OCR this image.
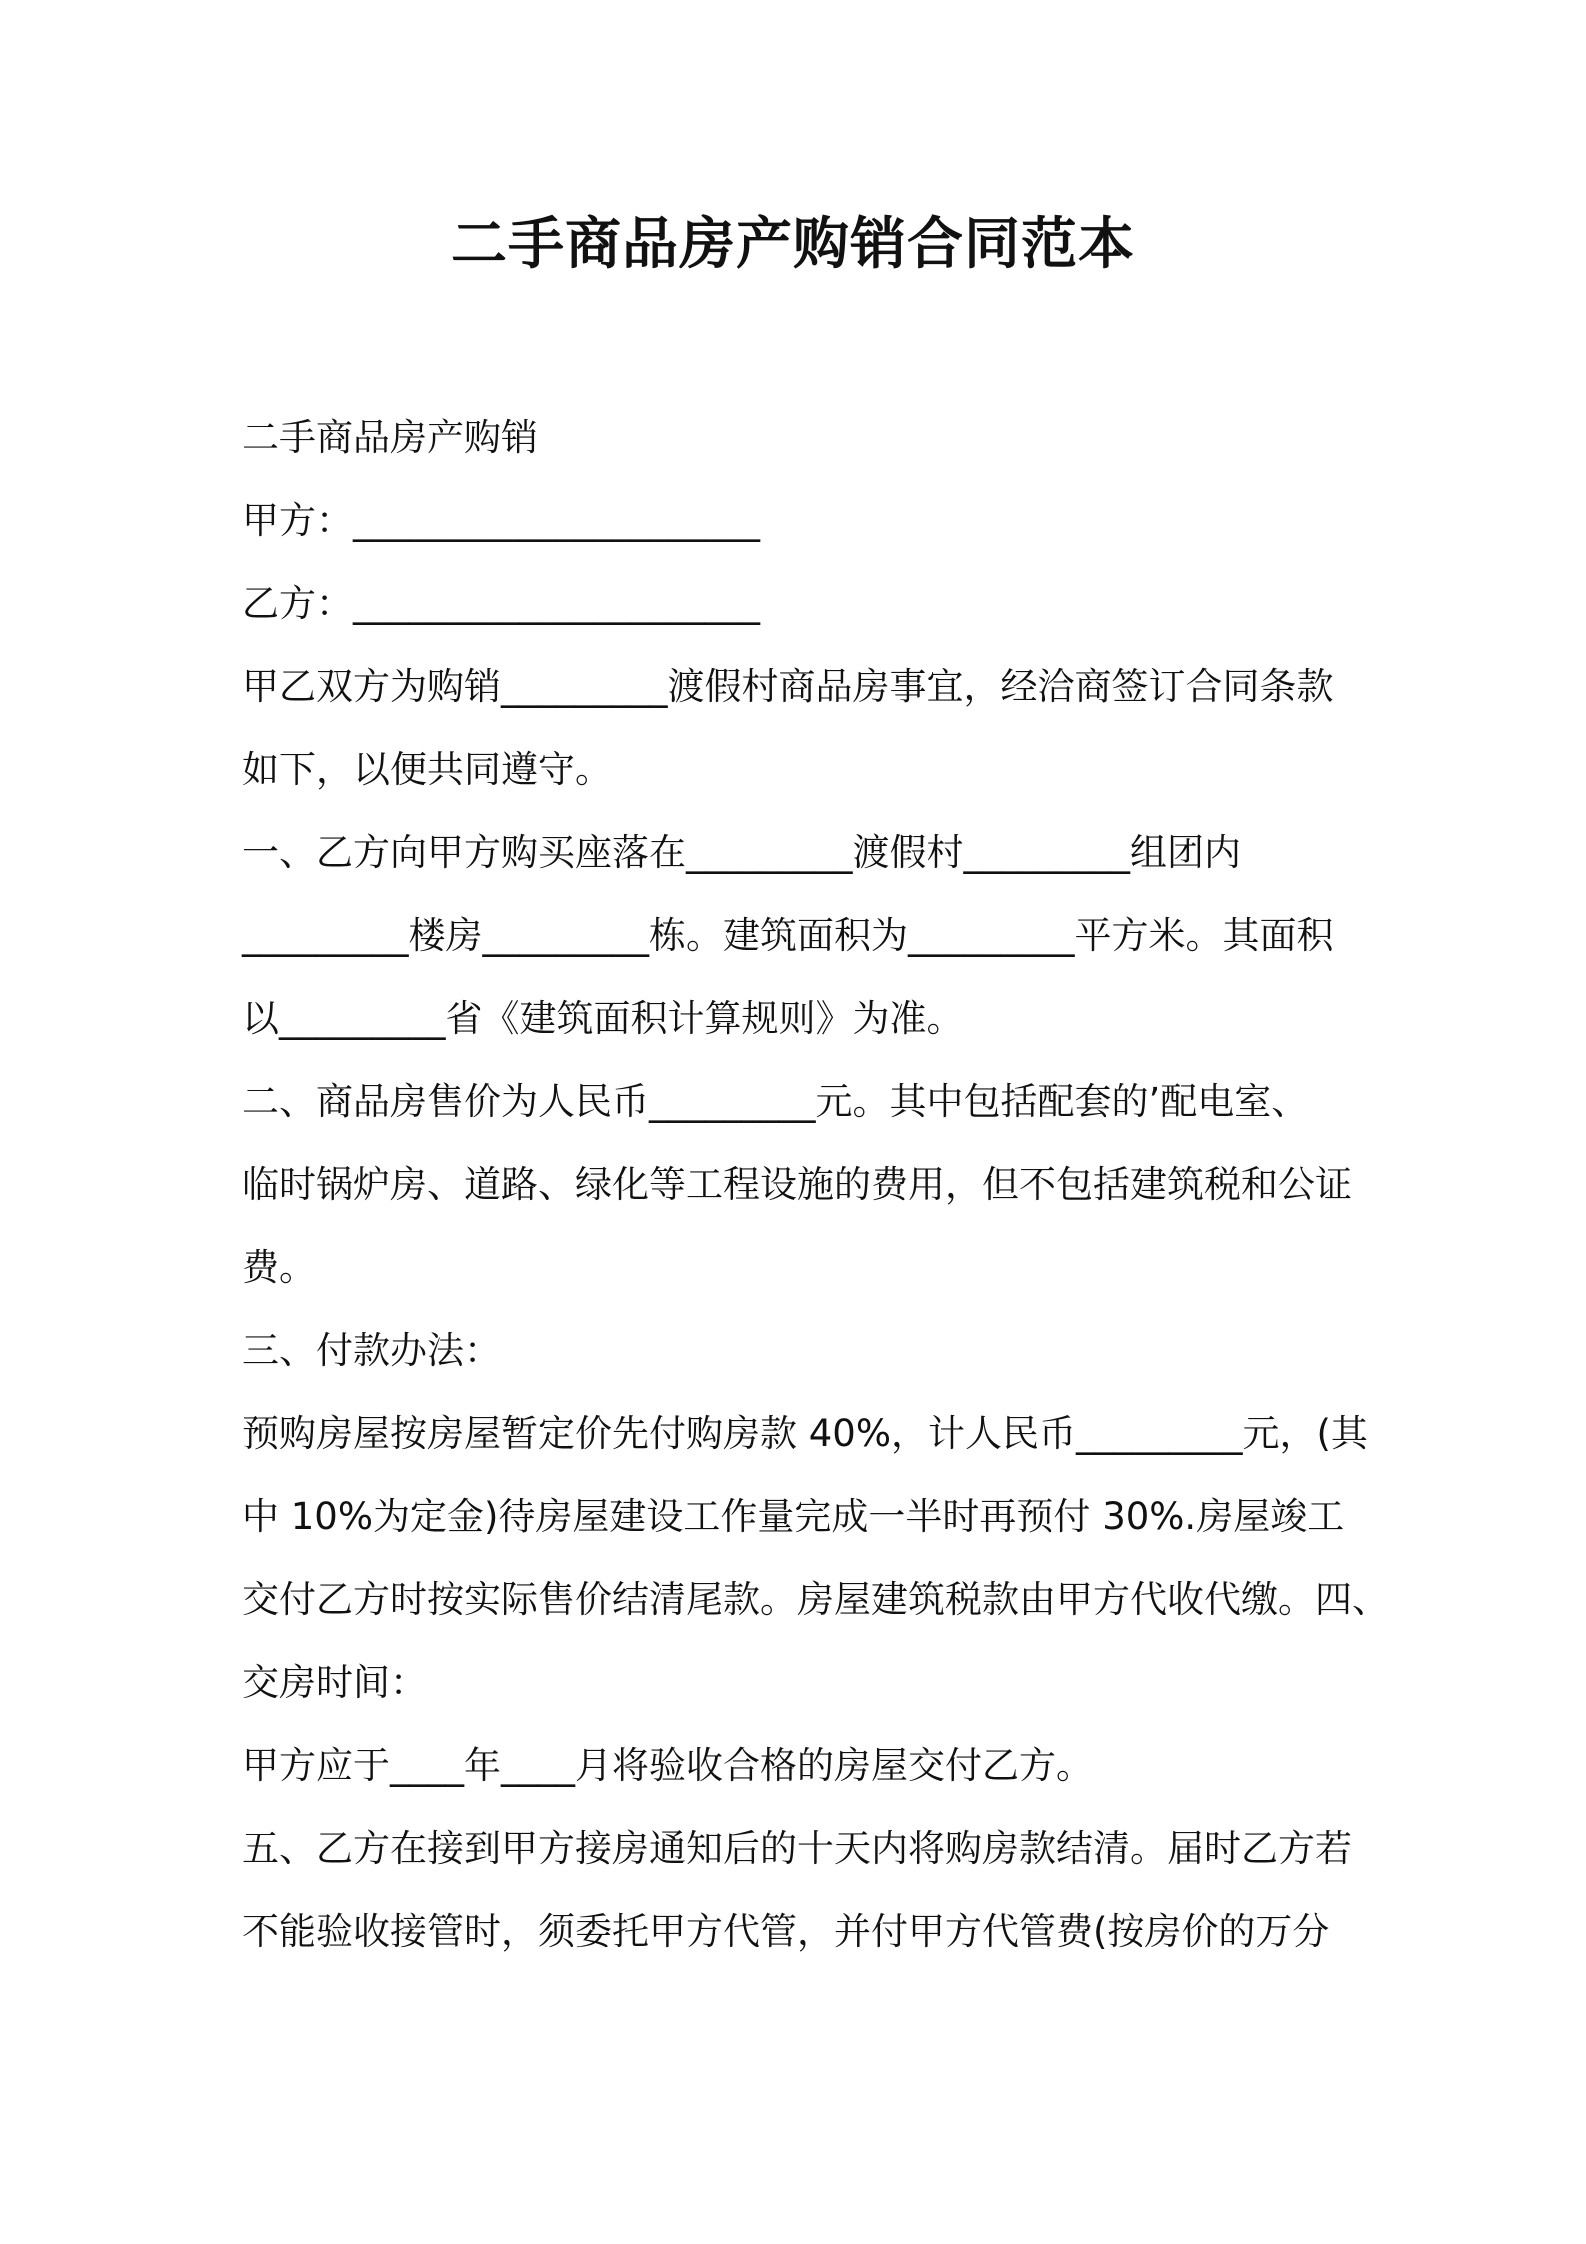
二手商品房产购销合同范本

二手商品房产购销

甲方：______________________

乙方：______________________

甲乙双方为购销_________渡假村商品房事宜，经洽商签订合同条款

如下，以便共同遵守。

一、乙方向甲方购买座落在_________渡假村_________组团内

_________楼房_________栋。建筑面积为_________平方米。其面积

以_________省《建筑面积计算规则》为准。

二、商品房售价为人民币_________元。其中包括配套的’配电室、

临时锅炉房、道路、绿化等工程设施的费用，但不包括建筑税和公证

费。

三、付款办法：

预购房屋按房屋暂定价先付购房款 40%，计人民币_________元，(其

中 10%为定金)待房屋建设工作量完成一半时再预付 30%.房屋竣工

交付乙方时按实际售价结清尾款。房屋建筑税款由甲方代收代缴。四、

交房时间：

甲方应于____年____月将验收合格的房屋交付乙方。

五、乙方在接到甲方接房通知后的十天内将购房款结清。届时乙方若

不能验收接管时，须委托甲方代管，并付甲方代管费(按房价的万分
